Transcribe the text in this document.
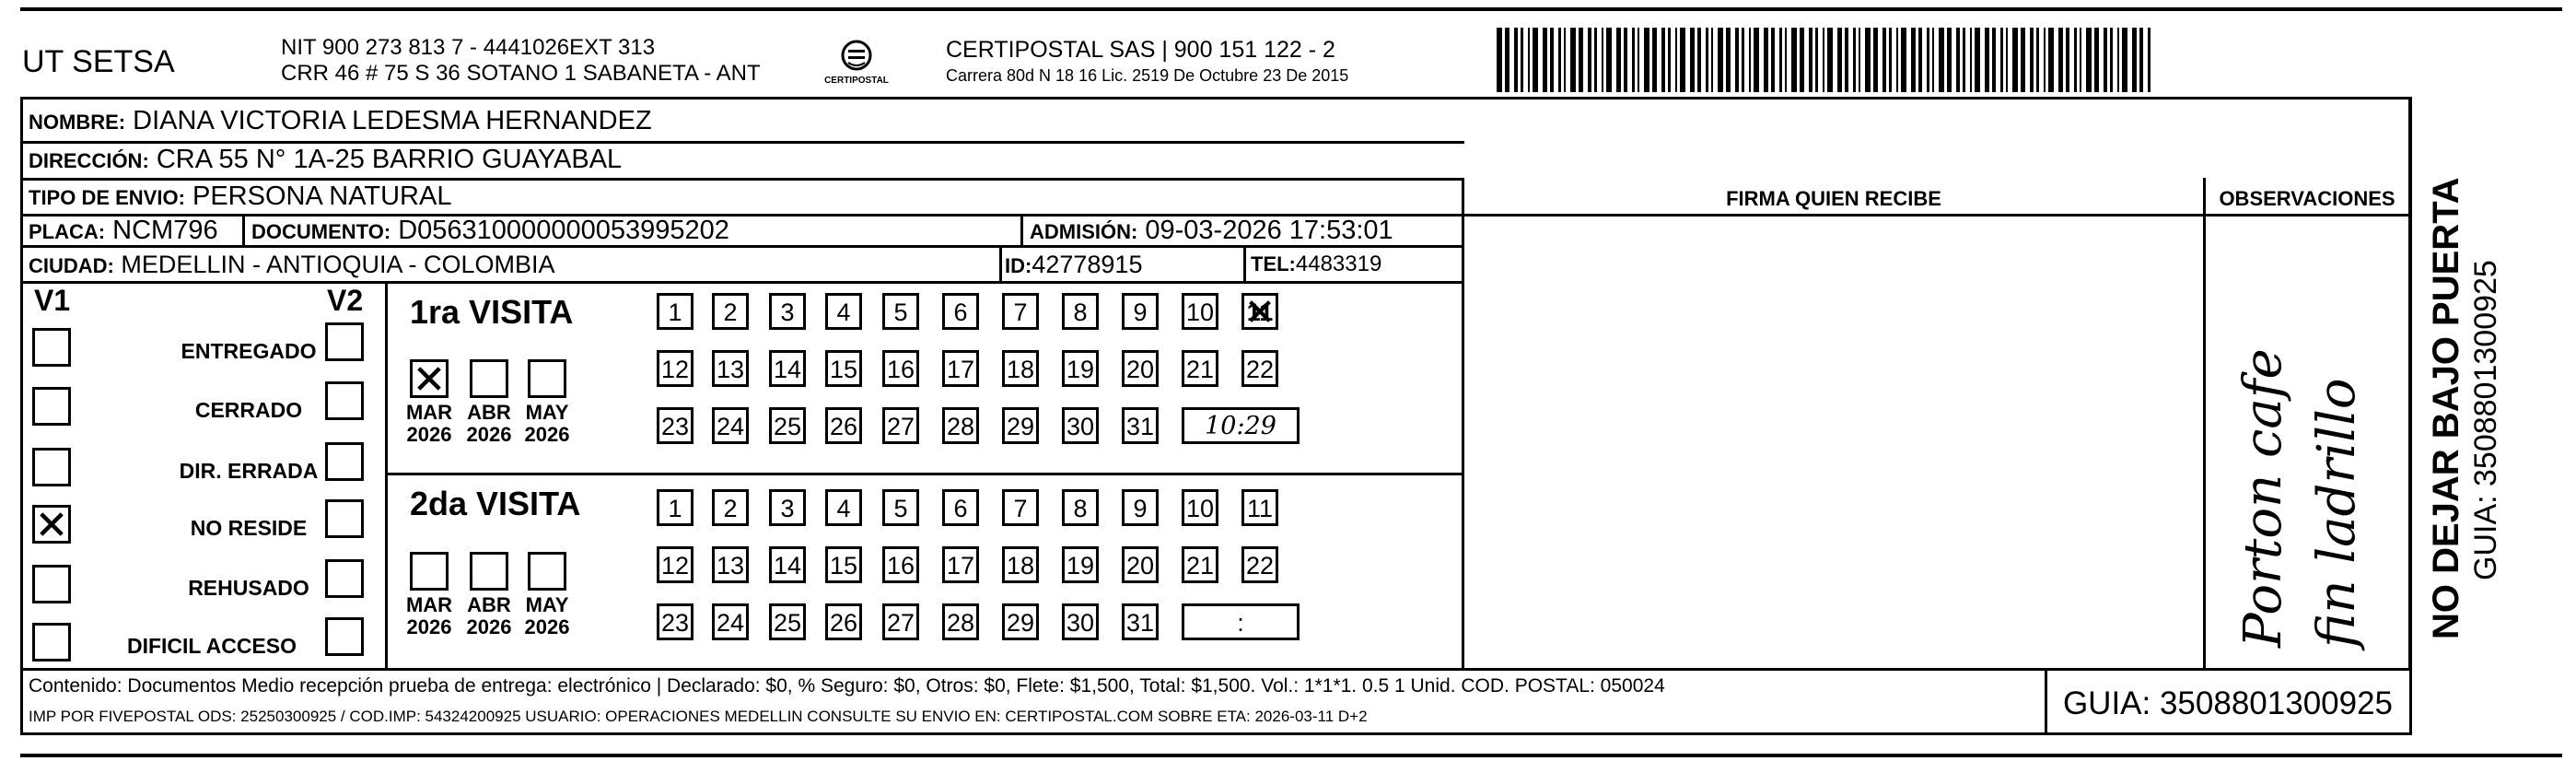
UT SETSA	NIT 900 273 813 7 - 4441026EXT 313
CRR 46 # 75 S 36 SOTANO 1 SABANETA - ANT	CERTIPOSTAL
CERTIPOSTAL SAS | 900 151 122 - 2
Carrera 80d N 18 16 Lic. 2519 De Octubre 23 De 2015
NOMBRE: DIANA VICTORIA LEDESMA HERNANDEZ
DIRECCIÓN: CRA 55 N° 1A-25 BARRIO GUAYABAL
TIPO DE ENVIO: PERSONA NATURAL	FIRMA QUIEN RECIBE	OBSERVACIONES
PLACA: NCM796 DOCUMENTO: D056310000000053995202	ADMISIÓN: 09-03-2026 17:53:01
CIUDAD: MEDELLIN - ANTIOQUIA - COLOMBIA	ID:42778915	TEL:4483319
V1	V2
ENTREGADO
CERRADO
DIR. ERRADA
NO RESIDE
REHUSADO
DIFICIL ACCESO
1ra VISITA
MAR
2026
ABR
2026
MAY
2026
1	2	3	4	5	6	7	8	9	10 11
12 13 14 15 16 17 18 19 20 21 22
23 24 25 26 27 28 29 30 31	10:29
2da VISITA
MAR
2026
ABR
2026
MAY
2026
1	2	3	4	5	6	7	8	9	10 11
12 13 14 15 16 17 18 19 20 21 22
23 24 25 26 27 28 29 30 31	:	Porton cafe fin ladrillo
Contenido: Documentos Medio recepción prueba de entrega: electrónico | Declarado: $0, % Seguro: $0, Otros: $0, Flete: $1,500, Total: $1,500. Vol.: 1*1*1. 0.5 1 Unid. COD. POSTAL: 050024
IMP POR FIVEPOSTAL ODS: 25250300925 / COD.IMP: 54324200925 USUARIO: OPERACIONES MEDELLIN CONSULTE SU ENVIO EN: CERTIPOSTAL.COM SOBRE ETA: 2026-03-11 D+2	GUIA: 3508801300925
NO DEJAR BAJO PUERTA GUIA: 3508801300925
